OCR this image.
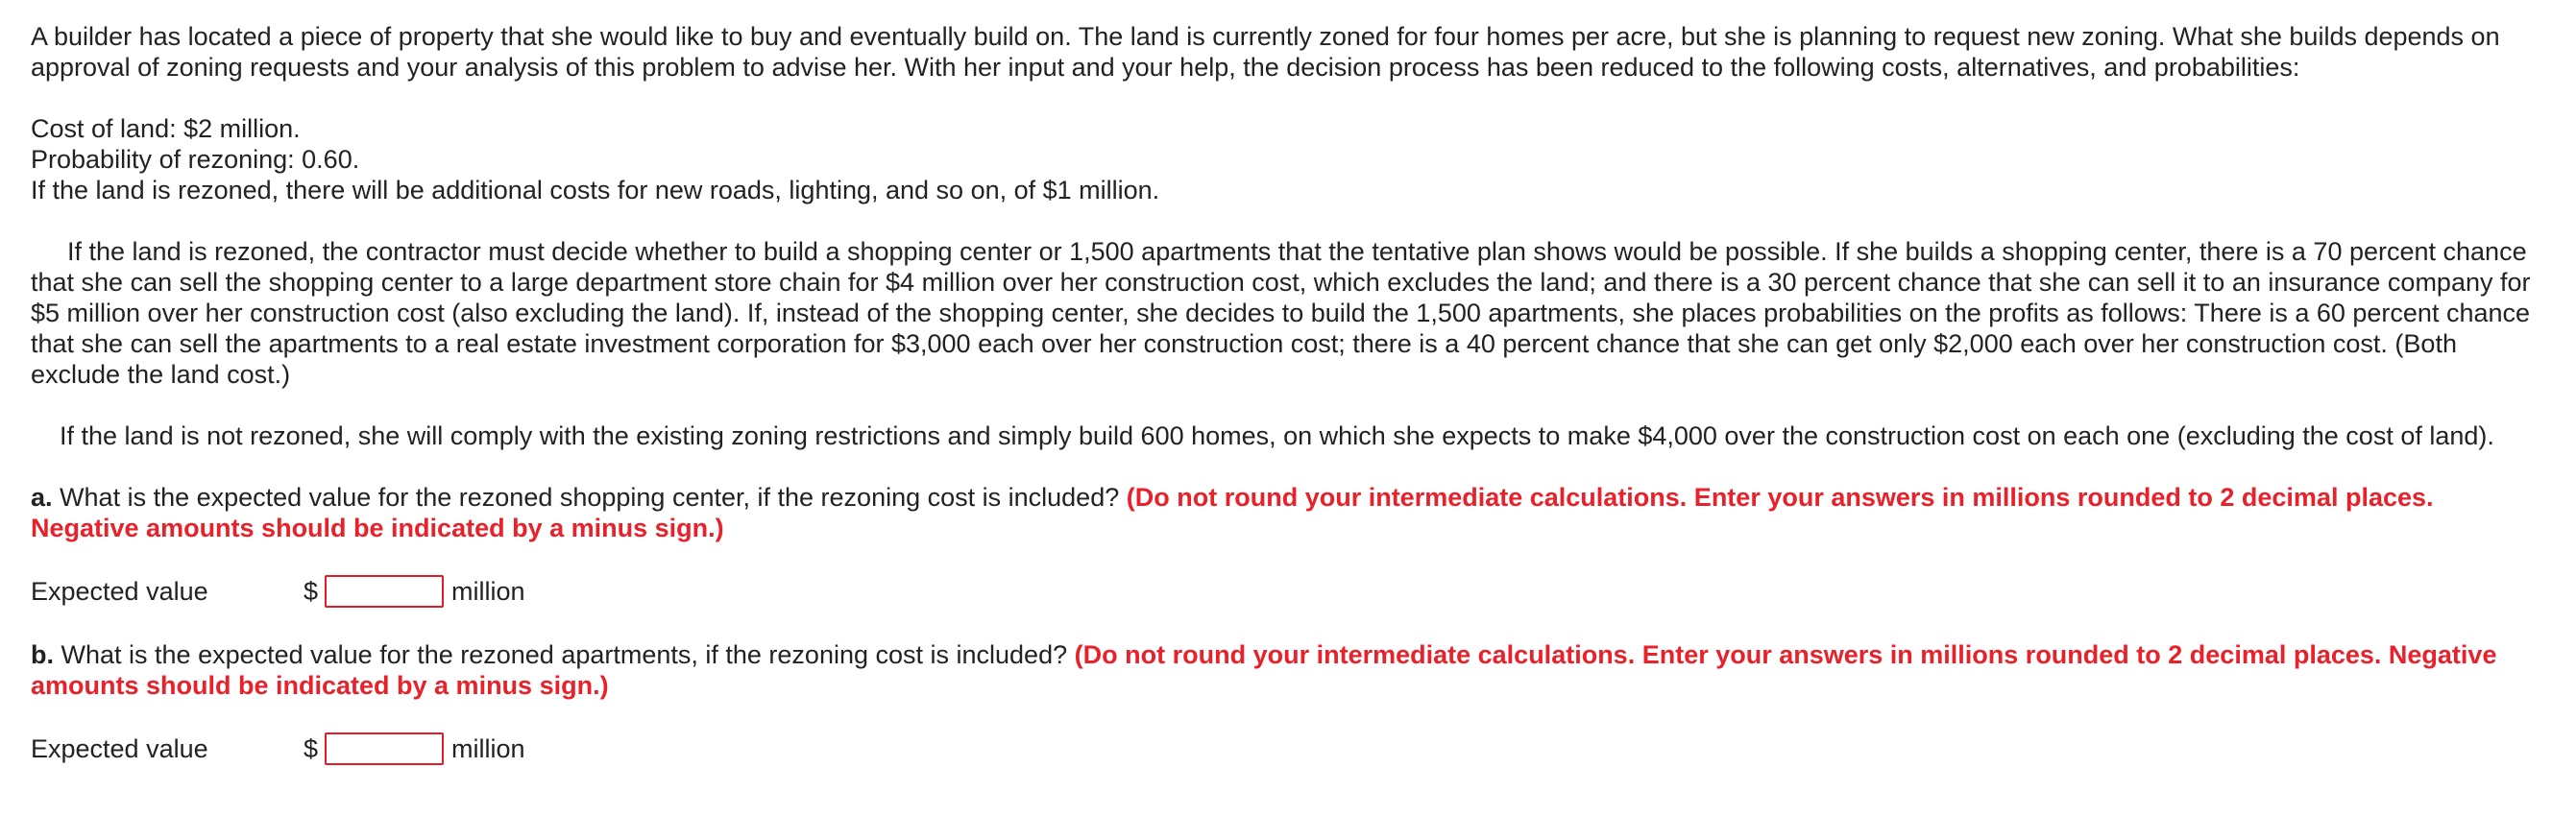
A builder has located a piece of property that she would like to buy and eventually build on. The land is currently zoned for four homes per acre, but she is planning to request new zoning. What she builds depends on approval of zoning requests and your analysis of this problem to advise her. With her input and your help, the decision process has been reduced to the following costs, alternatives, and probabilities:

Cost of land: $2 million.

Probability of rezoning: 0.60.

If the land is rezoned, there will be additional costs for new roads, lighting, and so on, of $1 million.

If the land is rezoned, the contractor must decide whether to build a shopping center or 1,500 apartments that the tentative plan shows would be possible. If she builds a shopping center, there is a 70 percent chance that she can sell the shopping center to a large department store chain for $4 million over her construction cost, which excludes the land; and there is a 30 percent chance that she can sell it to an insurance company for $5 million over her construction cost (also excluding the land). If, instead of the shopping center, she decides to build the 1,500 apartments, she places probabilities on the profits as follows: There is a 60 percent chance that she can sell the apartments to a real estate investment corporation for $3,000 each over her construction cost; there is a 40 percent chance that she can get only $2,000 each over her construction cost. (Both exclude the land cost.)

If the land is not rezoned, she will comply with the existing zoning restrictions and simply build 600 homes, on which she expects to make $4,000 over the construction cost on each one (excluding the cost of land).

a. What is the expected value for the rezoned shopping center, if the rezoning cost is included? (Do not round your intermediate calculations. Enter your answers in millions rounded to 2 decimal places. Negative amounts should be indicated by a minus sign.)

Expected value	$	million

b. What is the expected value for the rezoned apartments, if the rezoning cost is included? (Do not round your intermediate calculations. Enter your answers in millions rounded to 2 decimal places. Negative amounts should be indicated by a minus sign.)

Expected value	$	million
